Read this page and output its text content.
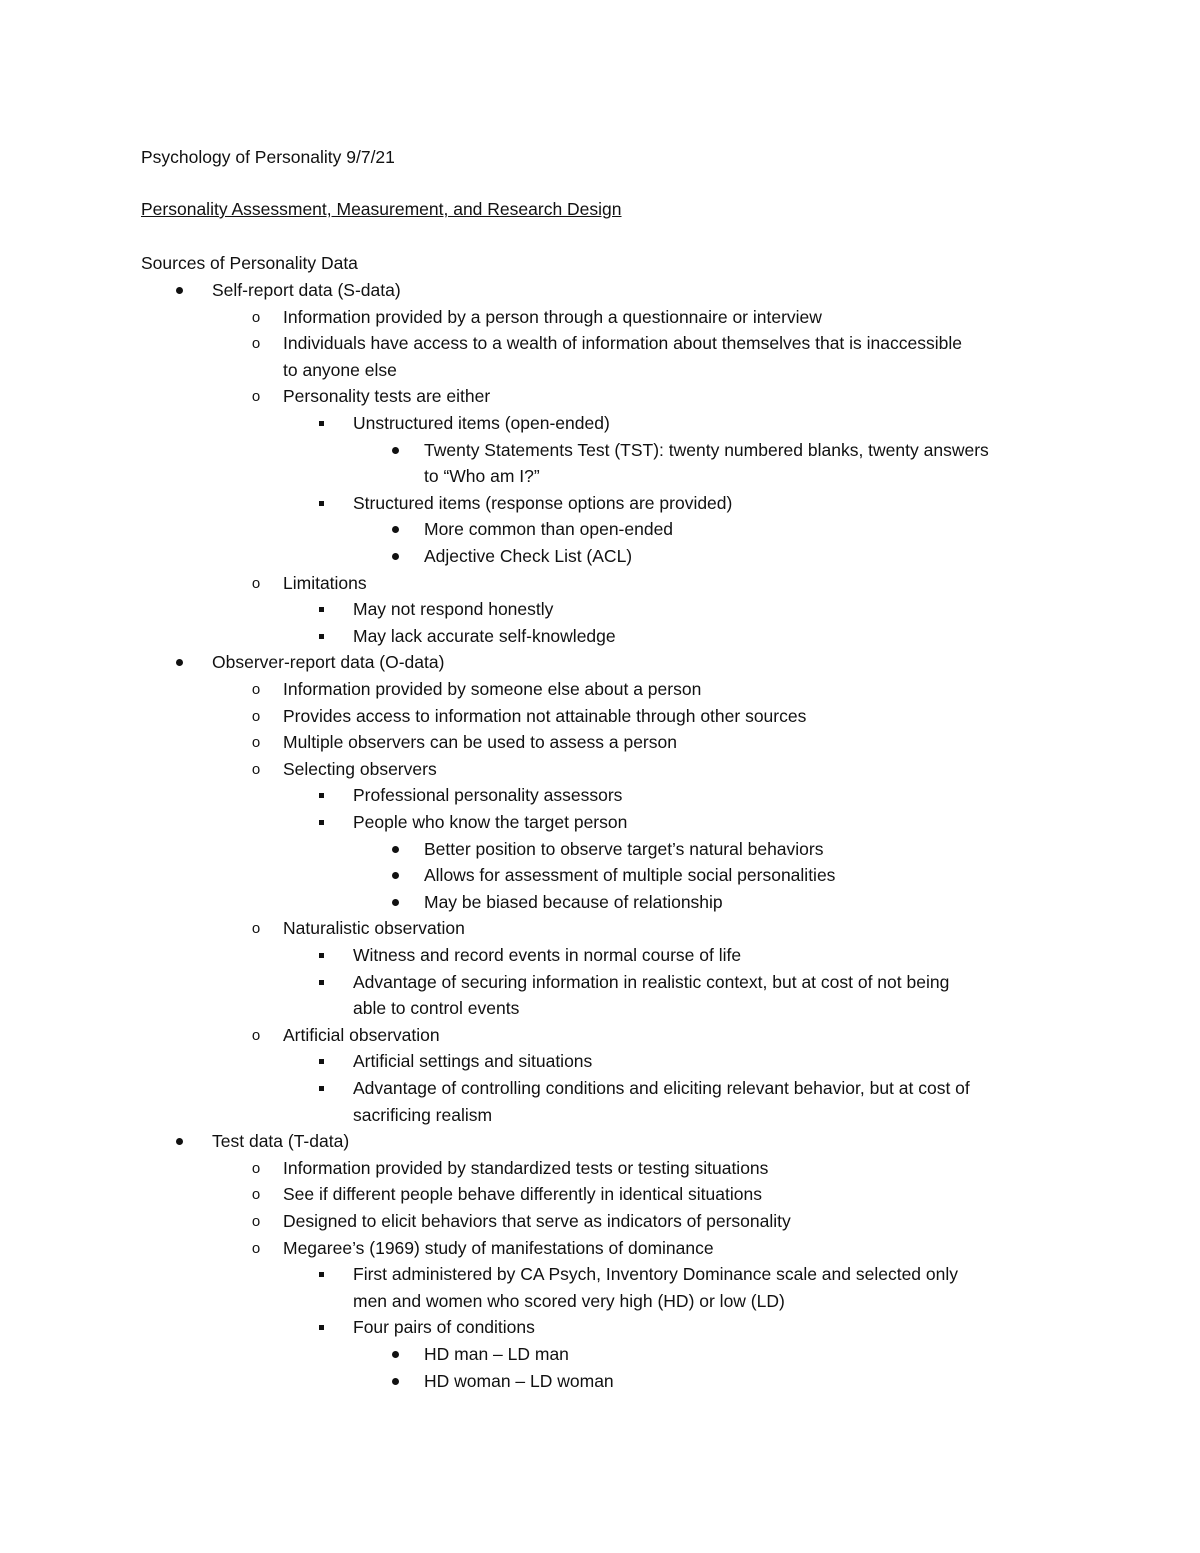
Psychology of Personality 9/7/21
Personality Assessment, Measurement, and Research Design
Sources of Personality Data
Self-report data (S-data)
o Information provided by a person through a questionnaire or interview
o Individuals have access to a wealth of information about themselves that is inaccessible
to anyone else
o Personality tests are either
Unstructured items (open-ended)
Twenty Statements Test (TST): twenty numbered blanks, twenty answers
to “Who am I?”
Structured items (response options are provided)
More common than open-ended
Adjective Check List (ACL)
o Limitations
May not respond honestly
May lack accurate self-knowledge
Observer-report data (O-data)
o Information provided by someone else about a person
o Provides access to information not attainable through other sources
o Multiple observers can be used to assess a person
o Selecting observers
Professional personality assessors
People who know the target person
Better position to observe target’s natural behaviors
Allows for assessment of multiple social personalities
May be biased because of relationship
o Naturalistic observation
Witness and record events in normal course of life
Advantage of securing information in realistic context, but at cost of not being
able to control events
o Artificial observation
Artificial settings and situations
Advantage of controlling conditions and eliciting relevant behavior, but at cost of
sacrificing realism
Test data (T-data)
o Information provided by standardized tests or testing situations
o See if different people behave differently in identical situations
o Designed to elicit behaviors that serve as indicators of personality
o Megaree’s (1969) study of manifestations of dominance
First administered by CA Psych, Inventory Dominance scale and selected only
men and women who scored very high (HD) or low (LD)
Four pairs of conditions
HD man – LD man
HD woman – LD woman
